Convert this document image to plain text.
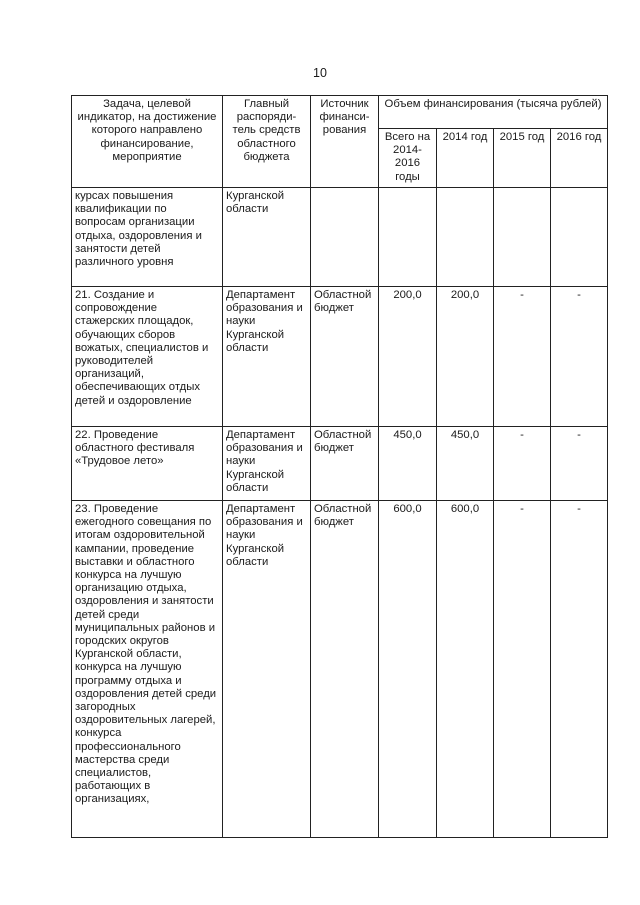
10
Задача, целевой индикатор, на достижение которого направлено финансирование, мероприятие	Главный распоряди-тель средств областного бюджета	Источник финанси-рования	Объем финансирования (тысяча рублей)			
			Всего на 2014-2016 годы	2014 год	2015 год	2016 год
курсах повышения квалификации по вопросам организации отдыха, оздоровления и занятости детей различного уровня	Курганской области					
21. Создание и сопровождение стажерских площадок, обучающих сборов вожатых, специалистов и руководителей организаций, обеспечивающих отдых детей и оздоровление	Департамент образования и науки Курганской области	Областной бюджет	200,0	200,0	-	-
22. Проведение областного фестиваля «Трудовое лето»	Департамент образования и науки Курганской области	Областной бюджет	450,0	450,0	-	-
23. Проведение ежегодного совещания по итогам оздоровительной кампании, проведение выставки и областного конкурса на лучшую организацию отдыха, оздоровления и занятости детей среди муниципальных районов и городских округов Курганской области, конкурса на лучшую программу отдыха и оздоровления детей среди загородных оздоровительных лагерей, конкурса профессионального мастерства среди специалистов, работающих в организациях,	Департамент образования и науки Курганской области	Областной бюджет	600,0	600,0	-	-
